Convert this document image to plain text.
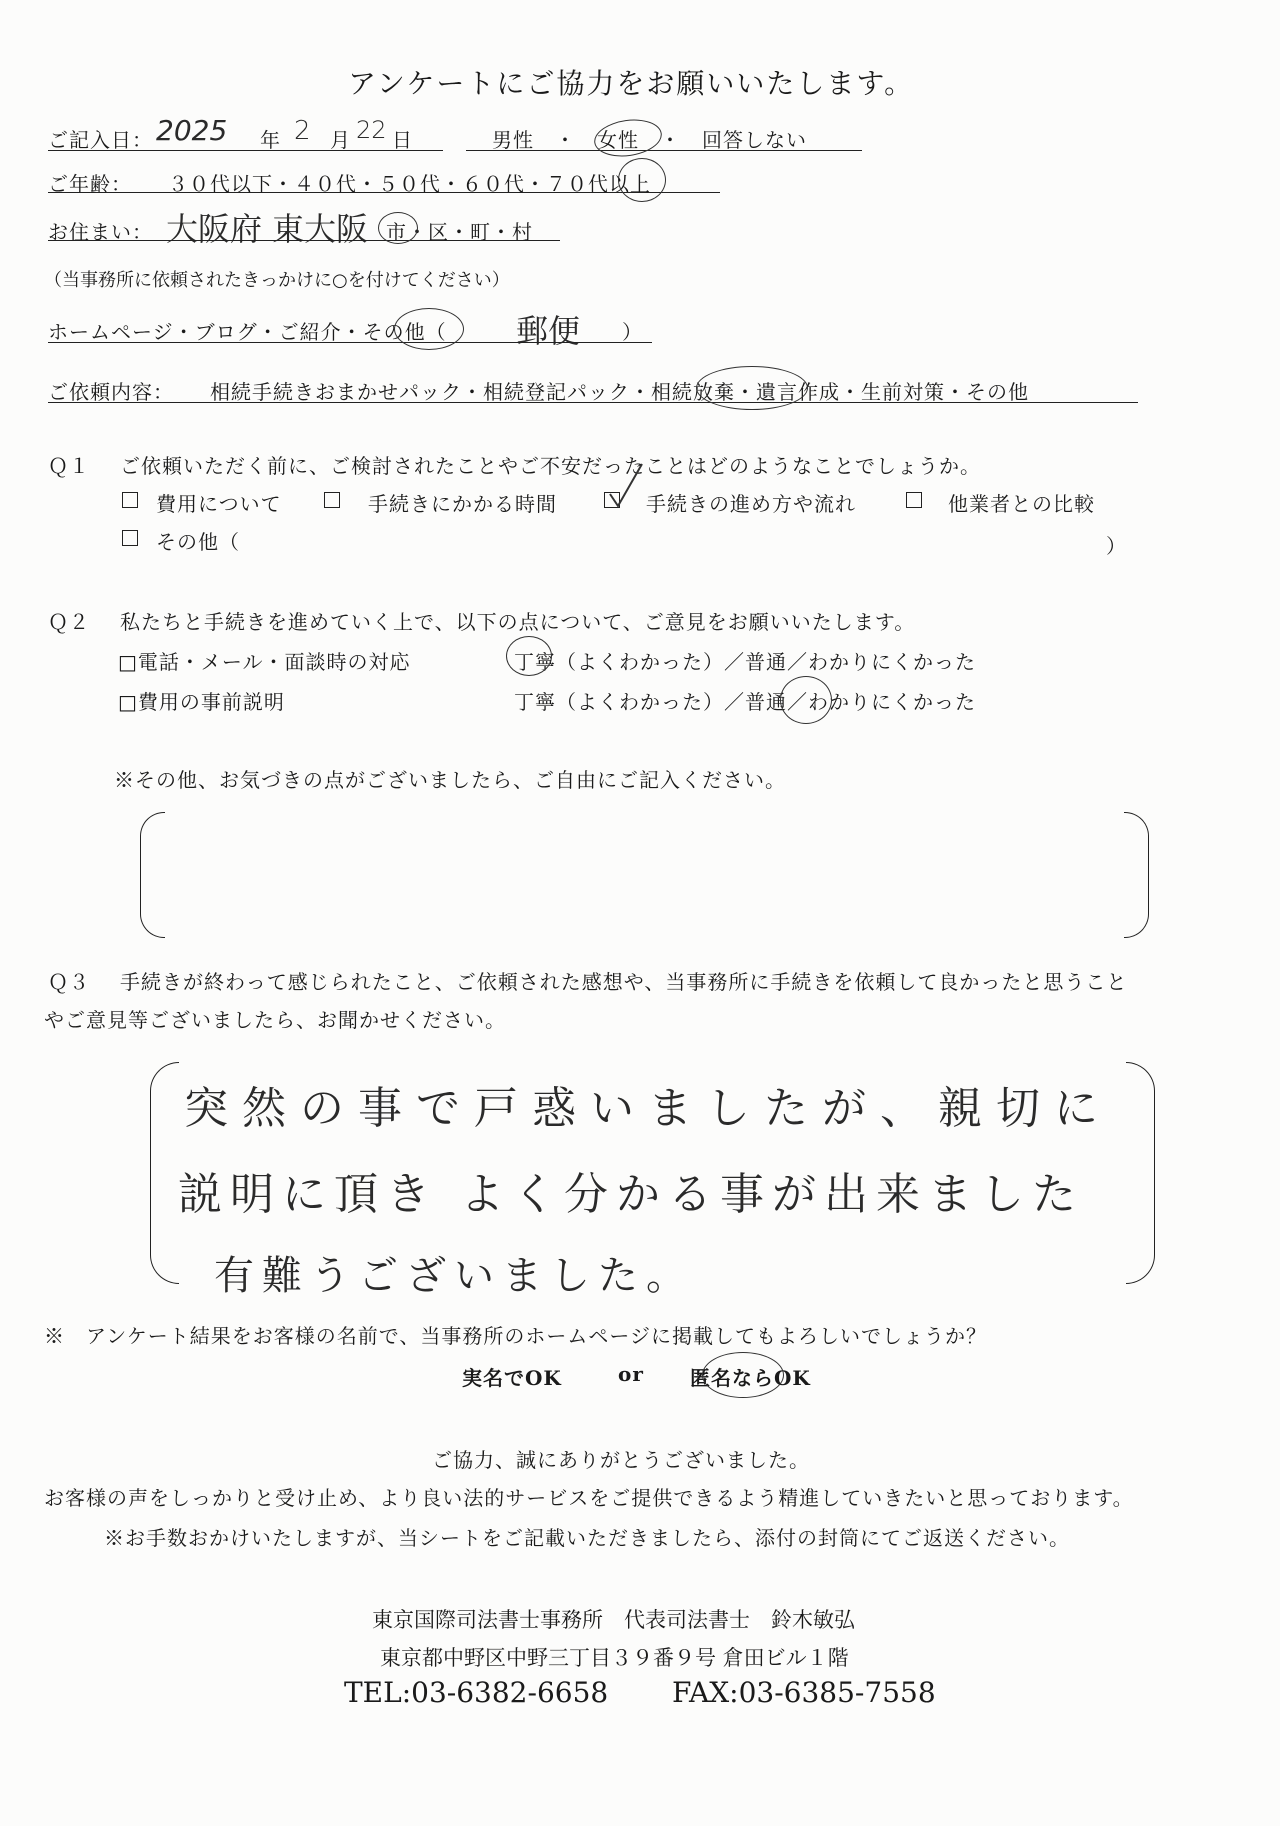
アンケートにご協力をお願いいたします。
ご記入日： 2025 年 2 月 22 日	男性　・　女性　・　回答しない
ご年齢： ３０代以下・４０代・５０代・６０代・７０代以上
お住まい： 大阪府 東大阪 市・区・町・村
（当事務所に依頼されたきっかけに○を付けてください）
ホームページ・ブログ・ご紹介・その他（ 郵便 ）
ご依頼内容： 相続手続きおまかせパック・相続登記パック・相続放棄・遺言作成・生前対策・その他
Ｑ１ ご依頼いただく前に、ご検討されたことやご不安だったことはどのようなことでしょうか。
費用について	手続きにかかる時間	手続きの進め方や流れ	他業者との比較
その他（	）
Ｑ２ 私たちと手続きを進めていく上で、以下の点について、ご意見をお願いいたします。
□電話・メール・面談時の対応	丁寧（よくわかった）／普通／わかりにくかった
□費用の事前説明	丁寧（よくわかった）／普通／わかりにくかった
※その他、お気づきの点がございましたら、ご自由にご記入ください。
Ｑ３ 手続きが終わって感じられたこと、ご依頼された感想や、当事務所に手続きを依頼して良かったと思うこと
やご意見等ございましたら、お聞かせください。
突然の事で戸惑いましたが、親切に
説明に頂き よく分かる事が出来ました
有難うございました。
※　アンケート結果をお客様の名前で、当事務所のホームページに掲載してもよろしいでしょうか？
実名でOK	or 匿名ならOK
ご協力、誠にありがとうございました。
お客様の声をしっかりと受け止め、より良い法的サービスをご提供できるよう精進していきたいと思っております。
※お手数おかけいたしますが、当シートをご記載いただきましたら、添付の封筒にてご返送ください。
東京国際司法書士事務所　代表司法書士　鈴木敏弘
東京都中野区中野三丁目３９番９号 倉田ビル１階
TEL:03-6382-6658 FAX:03-6385-7558
